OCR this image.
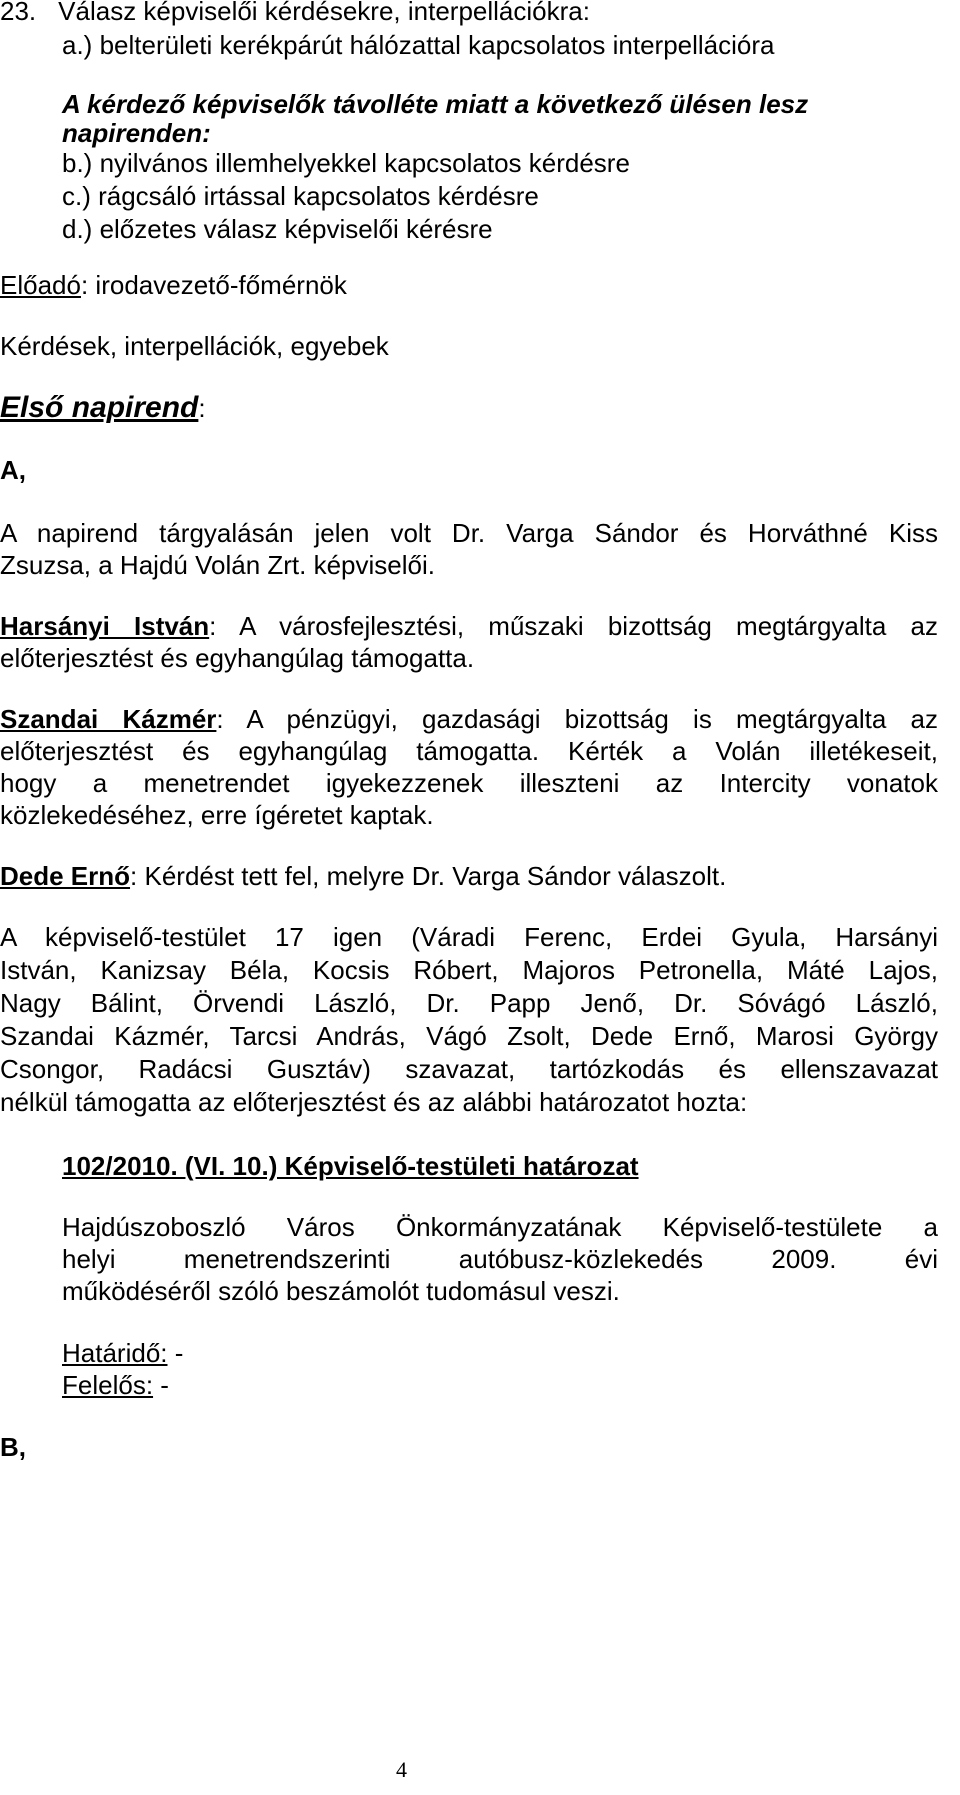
23. Válasz képviselői kérdésekre, interpellációkra:
a.) belterületi kerékpárút hálózattal kapcsolatos interpellációra
A kérdező képviselők távolléte miatt a következő ülésen lesz
napirenden:
b.) nyilvános illemhelyekkel kapcsolatos kérdésre
c.) rágcsáló irtással kapcsolatos kérdésre
d.) előzetes válasz képviselői kérésre
Előadó: irodavezető-főmérnök
Kérdések, interpellációk, egyebek
Első napirend:
A,
A napirend tárgyalásán jelen volt Dr. Varga Sándor és Horváthné Kiss
Zsuzsa, a Hajdú Volán Zrt. képviselői.
Harsányi István: A városfejlesztési, műszaki bizottság megtárgyalta az
előterjesztést és egyhangúlag támogatta.
Szandai Kázmér: A pénzügyi, gazdasági bizottság is megtárgyalta az
előterjesztést és egyhangúlag támogatta. Kérték a Volán illetékeseit,
hogy a menetrendet igyekezzenek illeszteni az Intercity vonatok
közlekedéséhez, erre ígéretet kaptak.
Dede Ernő: Kérdést tett fel, melyre Dr. Varga Sándor válaszolt.
A képviselő-testület 17 igen (Váradi Ferenc, Erdei Gyula, Harsányi
István, Kanizsay Béla, Kocsis Róbert, Majoros Petronella, Máté Lajos,
Nagy Bálint, Örvendi László, Dr. Papp Jenő, Dr. Sóvágó László,
Szandai Kázmér, Tarcsi András, Vágó Zsolt, Dede Ernő, Marosi György
Csongor, Radácsi Gusztáv) szavazat, tartózkodás és ellenszavazat
nélkül támogatta az előterjesztést és az alábbi határozatot hozta:
102/2010. (VI. 10.) Képviselő-testületi határozat
Hajdúszoboszló Város Önkormányzatának Képviselő-testülete a
helyi menetrendszerinti autóbusz-közlekedés 2009. évi
működéséről szóló beszámolót tudomásul veszi.
Határidő: -
Felelős: -
B,
4
